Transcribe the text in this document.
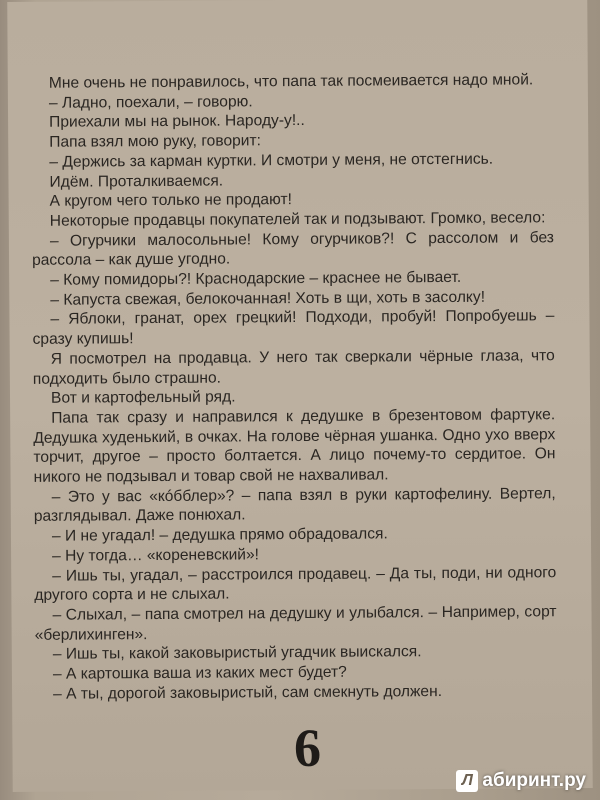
Мне очень не понравилось, что папа так посмеивается надо мной.

– Ладно, поехали, – говорю.

Приехали мы на рынок. Народу-у!..

Папа взял мою руку, говорит:

– Держись за карман куртки. И смотри у меня, не отстегнись.

Идём. Проталкиваемся.

А кругом чего только не продают!

Некоторые продавцы покупателей так и подзывают. Громко, весело:

– Огурчики малосольные! Кому огурчиков?! С рассолом и без рассола – как душе угодно.

– Кому помидоры?! Краснодарские – краснее не бывает.

– Капуста свежая, белокочанная! Хоть в щи, хоть в засолку!

– Яблоки, гранат, орех грецкий! Подходи, пробуй! Попробуешь – сразу купишь!

Я посмотрел на продавца. У него так сверкали чёрные глаза, что подходить было страшно.

Вот и картофельный ряд.

Папа так сразу и направился к дедушке в брезентовом фартуке. Дедушка худенький, в очках. На голове чёрная ушанка. Одно ухо вверх торчит, другое – просто болтается. А лицо почему-то сердитое. Он никого не подзывал и товар свой не нахваливал.

– Это у вас «кóбблер»? – папа взял в руки картофелину. Вертел, разглядывал. Даже понюхал.

– И не угадал! – дедушка прямо обрадовался.

– Ну тогда… «кореневский»!

– Ишь ты, угадал, – расстроился продавец. – Да ты, поди, ни одного другого сорта и не слыхал.

– Слыхал, – папа смотрел на дедушку и улыбался. – Например, сорт «берлихинген».

– Ишь ты, какой заковыристый угадчик выискался.

– А картошка ваша из каких мест будет?

– А ты, дорогой заковыристый, сам смекнуть должен.

6
Л абиринт.ру
